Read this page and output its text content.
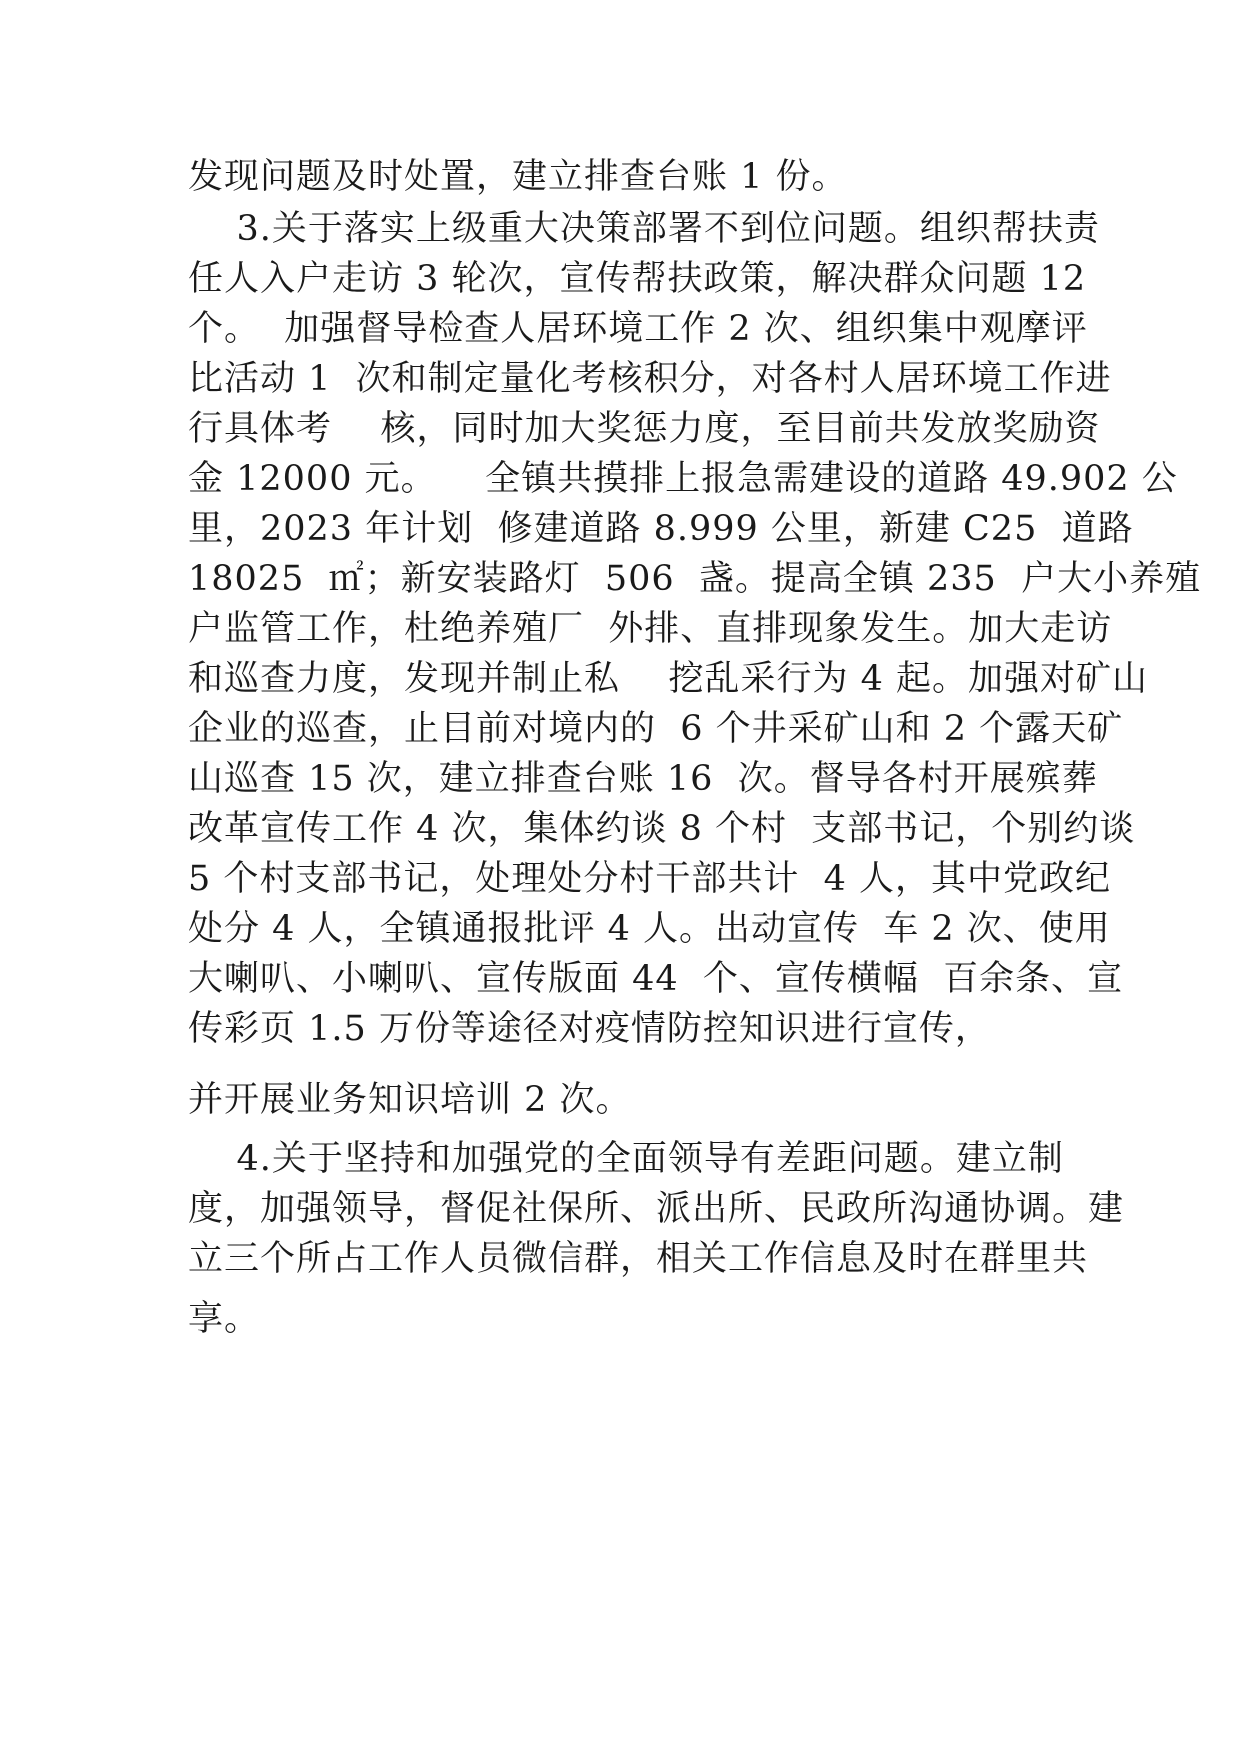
发现问题及时处置，建立排查台账 1 份。
3.关于落实上级重大决策部署不到位问题。组织帮扶责
任人入户走访 3 轮次，宣传帮扶政策，解决群众问题 12
个。  加强督导检查人居环境工作 2 次、组织集中观摩评
比活动 1  次和制定量化考核积分，对各村人居环境工作进
行具体考    核，同时加大奖惩力度，至目前共发放奖励资
金 12000 元。    全镇共摸排上报急需建设的道路 49.902 公
里，2023 年计划  修建道路 8.999 公里，新建 C25  道路
18025  ㎡；新安装路灯  506  盏。提高全镇 235  户大小养殖
户监管工作，杜绝养殖厂  外排、直排现象发生。加大走访
和巡查力度，发现并制止私    挖乱采行为 4 起。加强对矿山
企业的巡查，止目前对境内的  6 个井采矿山和 2 个露天矿
山巡查 15 次，建立排查台账 16  次。督导各村开展殡葬
改革宣传工作 4 次，集体约谈 8 个村  支部书记，个别约谈
5 个村支部书记，处理处分村干部共计  4 人，其中党政纪
处分 4 人，全镇通报批评 4 人。出动宣传  车 2 次、使用
大喇叭、小喇叭、宣传版面 44  个、宣传横幅  百余条、宣
传彩页 1.5 万份等途径对疫情防控知识进行宣传，
并开展业务知识培训 2 次。
4.关于坚持和加强党的全面领导有差距问题。建立制
度，加强领导，督促社保所、派出所、民政所沟通协调。建
立三个所占工作人员微信群，相关工作信息及时在群里共
享。
